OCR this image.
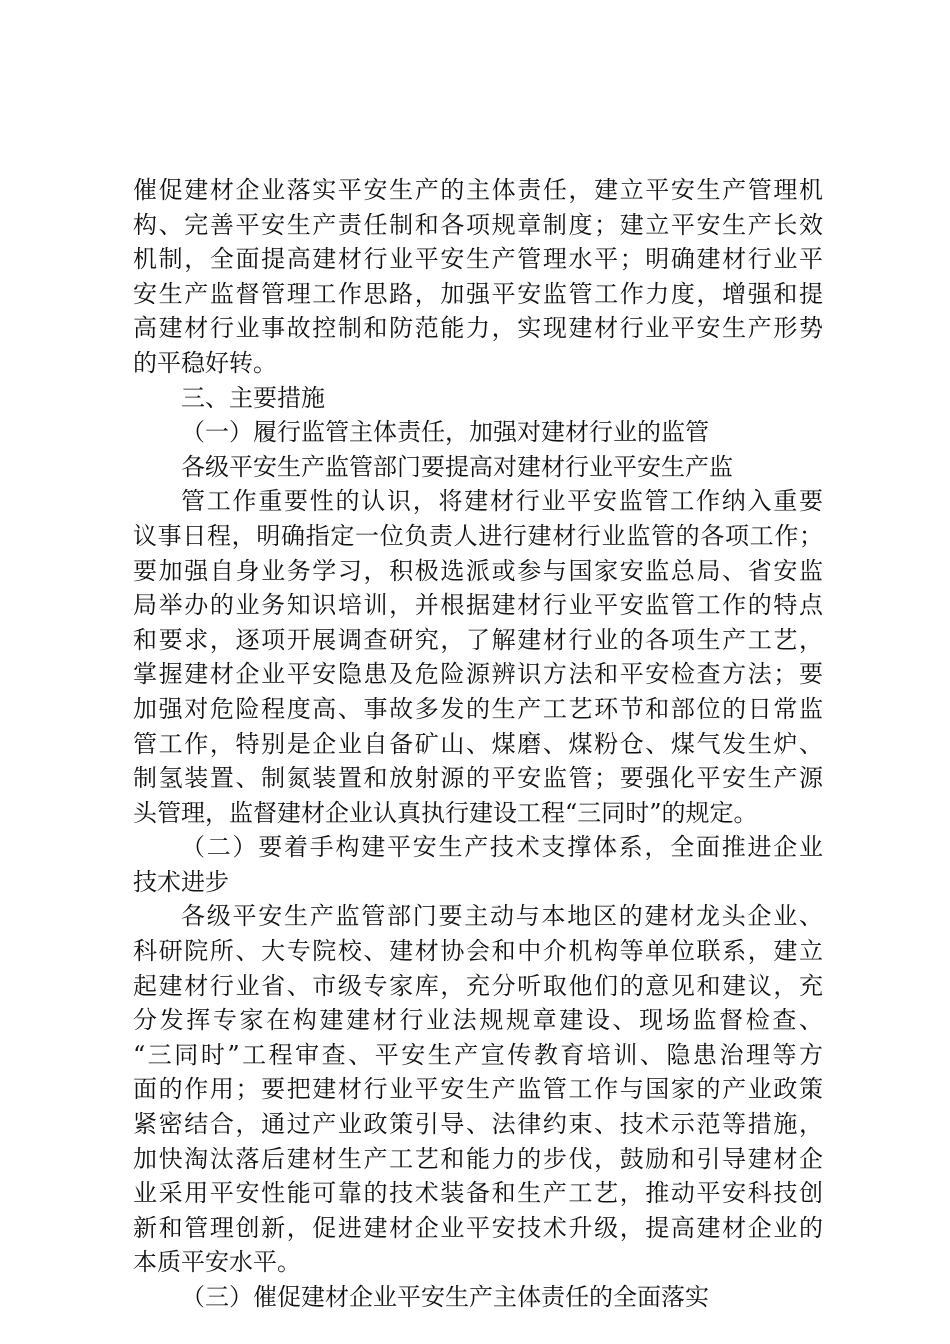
催促建材企业落实平安生产的主体责任，建立平安生产管理机
构、完善平安生产责任制和各项规章制度；建立平安生产长效
机制，全面提高建材行业平安生产管理水平；明确建材行业平
安生产监督管理工作思路，加强平安监管工作力度，增强和提
高建材行业事故控制和防范能力，实现建材行业平安生产形势
的平稳好转。
三、主要措施
（一）履行监管主体责任，加强对建材行业的监管
各级平安生产监管部门要提高对建材行业平安生产监
管工作重要性的认识，将建材行业平安监管工作纳入重要
议事日程，明确指定一位负责人进行建材行业监管的各项工作；
要加强自身业务学习，积极选派或参与国家安监总局、省安监
局举办的业务知识培训，并根据建材行业平安监管工作的特点
和要求，逐项开展调查研究，了解建材行业的各项生产工艺，
掌握建材企业平安隐患及危险源辨识方法和平安检查方法；要
加强对危险程度高、事故多发的生产工艺环节和部位的日常监
管工作，特别是企业自备矿山、煤磨、煤粉仓、煤气发生炉、
制氢装置、制氮装置和放射源的平安监管；要强化平安生产源
头管理，监督建材企业认真执行建设工程“三同时”的规定。
（二）要着手构建平安生产技术支撑体系，全面推进企业
技术进步
各级平安生产监管部门要主动与本地区的建材龙头企业、
科研院所、大专院校、建材协会和中介机构等单位联系，建立
起建材行业省、市级专家库，充分听取他们的意见和建议，充
分发挥专家在构建建材行业法规规章建设、现场监督检查、
“三同时”工程审查、平安生产宣传教育培训、隐患治理等方
面的作用；要把建材行业平安生产监管工作与国家的产业政策
紧密结合，通过产业政策引导、法律约束、技术示范等措施，
加快淘汰落后建材生产工艺和能力的步伐，鼓励和引导建材企
业采用平安性能可靠的技术装备和生产工艺，推动平安科技创
新和管理创新，促进建材企业平安技术升级，提高建材企业的
本质平安水平。
（三）催促建材企业平安生产主体责任的全面落实
